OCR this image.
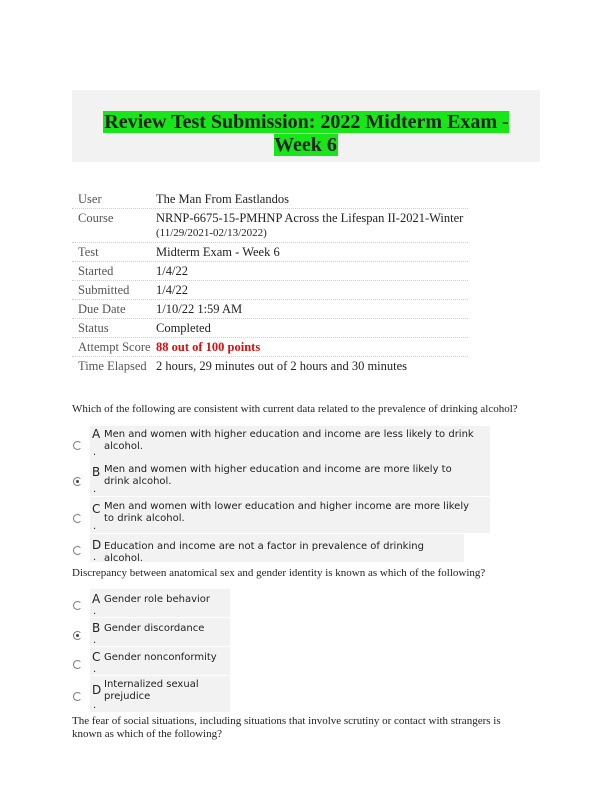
Review Test Submission: 2022 Midterm Exam - Week 6
User	The Man From Eastlandos
Course	NRNP-6675-15-PMHNP Across the Lifespan II-2021-Winter
(11/29/2021-02/13/2022)
Test	Midterm Exam - Week 6
Started	1/4/22
Submitted	1/4/22
Due Date	1/10/22 1:59 AM
Status	Completed
Attempt Score 88 out of 100 points
Time Elapsed 2 hours, 29 minutes out of 2 hours and 30 minutes
Which of the following are consistent with current data related to the prevalence of drinking alcohol?
A
.
Men and women with higher education and income are less likely to drink alcohol.
B
.
Men and women with higher education and income are more likely to drink alcohol.
C
.
Men and women with lower education and higher income are more likely to drink alcohol.
D
.
Education and income are not a factor in prevalence of drinking alcohol.
Discrepancy between anatomical sex and gender identity is known as which of the following?
A
.
Gender role behavior
B
.
Gender discordance
C
.
Gender nonconformity
D
.
Internalized sexual prejudice
The fear of social situations, including situations that involve scrutiny or contact with strangers is known as which of the following?
